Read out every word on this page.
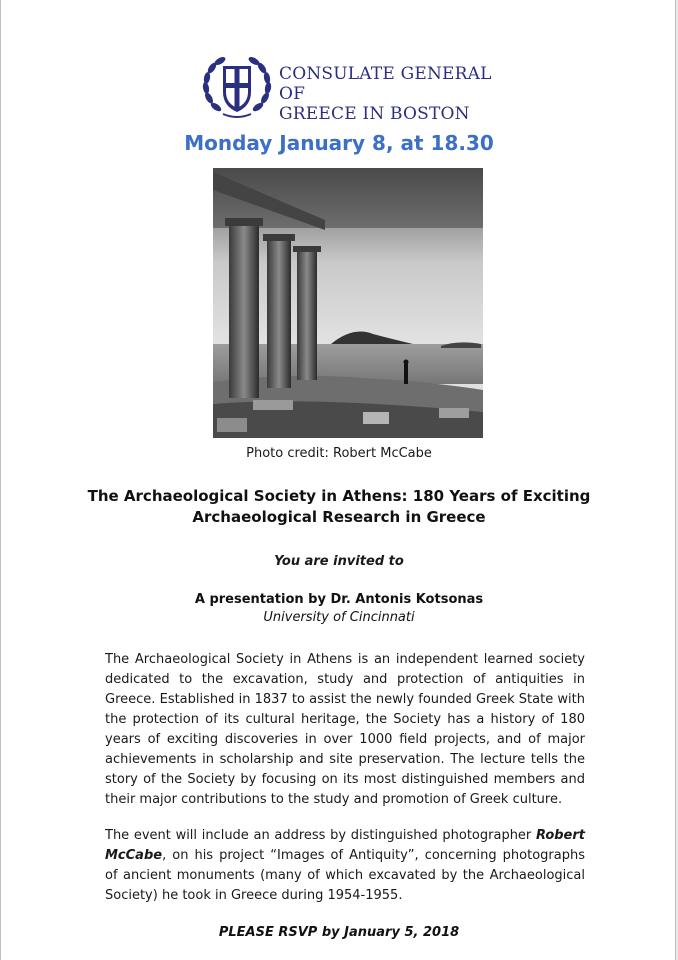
CONSULATE GENERAL OF
GREECE IN BOSTON
Monday January 8, at 18.30
Photo credit: Robert McCabe
The Archaeological Society in Athens: 180 Years of Exciting
Archaeological Research in Greece
You are invited to
A presentation by Dr. Antonis Kotsonas
University of Cincinnati

The Archaeological Society in Athens is an independent learned society dedicated to the excavation, study and protection of antiquities in Greece. Established in 1837 to assist the newly founded Greek State with the protection of its cultural heritage, the Society has a history of 180 years of exciting discoveries in over 1000 field projects, and of major achievements in scholarship and site preservation. The lecture tells the story of the Society by focusing on its most distinguished members and their major contributions to the study and promotion of Greek culture.

The event will include an address by distinguished photographer Robert McCabe, on his project “Images of Antiquity”, concerning photographs of ancient monuments (many of which excavated by the Archaeological Society) he took in Greece during 1954-1955.

PLEASE RSVP by January 5, 2018
